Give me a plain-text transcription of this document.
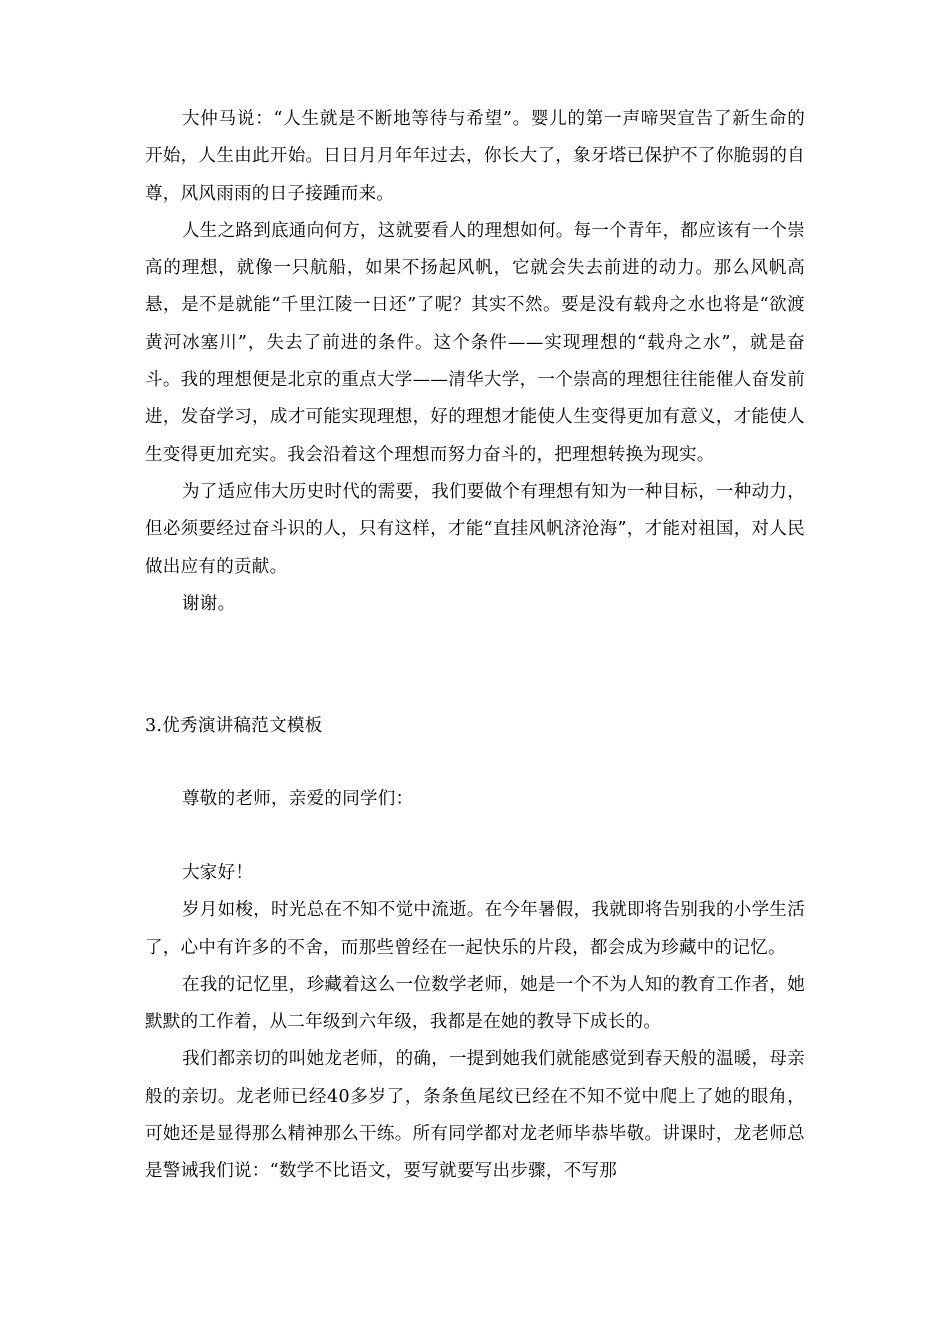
大仲马说：“人生就是不断地等待与希望”。婴儿的第一声啼哭宣告了新生命的开始，人生由此开始。日日月月年年过去，你长大了，象牙塔已保护不了你脆弱的自尊，风风雨雨的日子接踵而来。

人生之路到底通向何方，这就要看人的理想如何。每一个青年，都应该有一个崇高的理想，就像一只航船，如果不扬起风帆，它就会失去前进的动力。那么风帆高悬，是不是就能“千里江陵一日还”了呢？其实不然。要是没有载舟之水也将是“欲渡黄河冰塞川”，失去了前进的条件。这个条件——实现理想的“载舟之水”，就是奋斗。我的理想便是北京的重点大学——清华大学，一个崇高的理想往往能催人奋发前进，发奋学习，成才可能实现理想，好的理想才能使人生变得更加有意义，才能使人生变得更加充实。我会沿着这个理想而努力奋斗的，把理想转换为现实。

为了适应伟大历史时代的需要，我们要做个有理想有知为一种目标，一种动力，但必须要经过奋斗识的人，只有这样，才能“直挂风帆济沧海”，才能对祖国，对人民做出应有的贡献。

谢谢。

3.优秀演讲稿范文模板

尊敬的老师，亲爱的同学们：

大家好！

岁月如梭，时光总在不知不觉中流逝。在今年暑假，我就即将告别我的小学生活了，心中有许多的不舍，而那些曾经在一起快乐的片段，都会成为珍藏中的记忆。

在我的记忆里，珍藏着这么一位数学老师，她是一个不为人知的教育工作者，她默默的工作着，从二年级到六年级，我都是在她的教导下成长的。

我们都亲切的叫她龙老师，的确，一提到她我们就能感觉到春天般的温暖，母亲般的亲切。龙老师已经40多岁了，条条鱼尾纹已经在不知不觉中爬上了她的眼角，可她还是显得那么精神那么干练。所有同学都对龙老师毕恭毕敬。讲课时，龙老师总是警诫我们说：“数学不比语文，要写就要写出步骤，不写那
